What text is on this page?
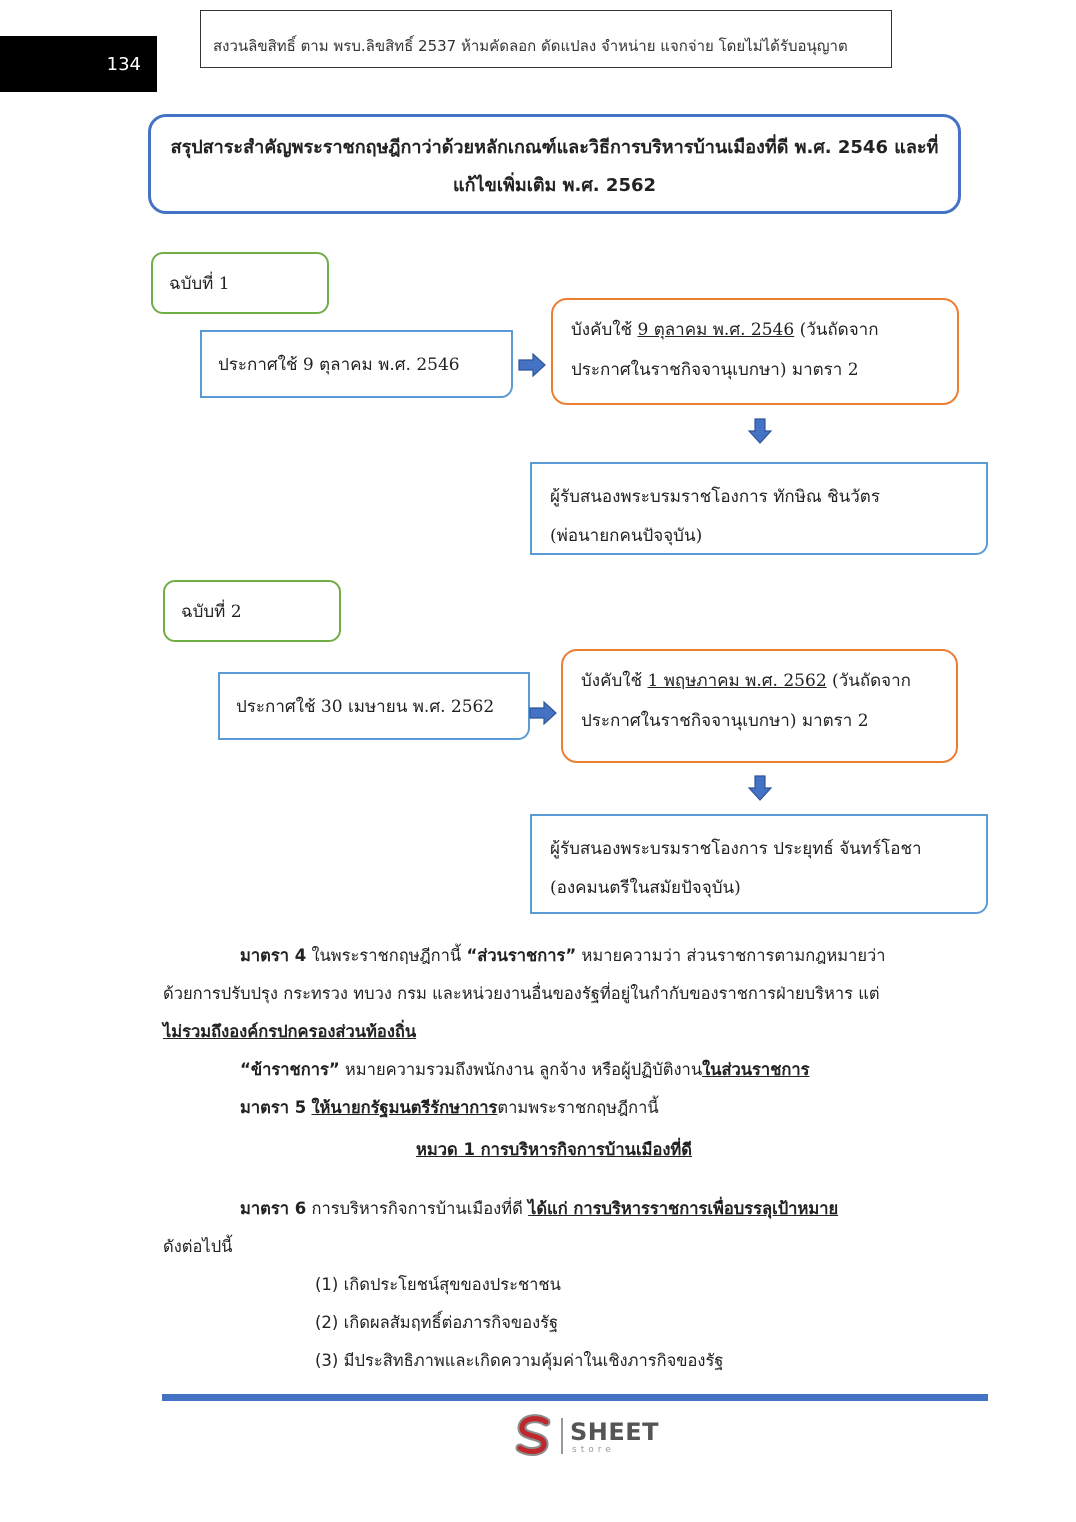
134
สงวนลิขสิทธิ์ ตาม พรบ.ลิขสิทธิ์ 2537 ห้ามคัดลอก ดัดแปลง จำหน่าย แจกจ่าย โดยไม่ได้รับอนุญาต
สรุปสาระสำคัญพระราชกฤษฎีกาว่าด้วยหลักเกณฑ์และวิธีการบริหารบ้านเมืองที่ดี พ.ศ. 2546 และที่
แก้ไขเพิ่มเติม พ.ศ. 2562
ฉบับที่ 1
ประกาศใช้ 9 ตุลาคม พ.ศ. 2546
บังคับใช้ 9 ตุลาคม พ.ศ. 2546 (วันถัดจาก
ประกาศในราชกิจจานุเบกษา) มาตรา 2
ผู้รับสนองพระบรมราชโองการ ทักษิณ ชินวัตร
(พ่อนายกคนปัจจุบัน)
ฉบับที่ 2
ประกาศใช้ 30 เมษายน พ.ศ. 2562
บังคับใช้ 1 พฤษภาคม พ.ศ. 2562 (วันถัดจาก
ประกาศในราชกิจจานุเบกษา) มาตรา 2
ผู้รับสนองพระบรมราชโองการ ประยุทธ์ จันทร์โอชา
(องคมนตรีในสมัยปัจจุบัน)
มาตรา 4 ในพระราชกฤษฎีกานี้ “ส่วนราชการ” หมายความว่า ส่วนราชการตามกฎหมายว่า
ด้วยการปรับปรุง กระทรวง ทบวง กรม และหน่วยงานอื่นของรัฐที่อยู่ในกำกับของราชการฝ่ายบริหาร แต่
ไม่รวมถึงองค์กรปกครองส่วนท้องถิ่น
“ข้าราชการ” หมายความรวมถึงพนักงาน ลูกจ้าง หรือผู้ปฏิบัติงานในส่วนราชการ
มาตรา 5 ให้นายกรัฐมนตรีรักษาการตามพระราชกฤษฎีกานี้
หมวด 1 การบริหารกิจการบ้านเมืองที่ดี
มาตรา 6 การบริหารกิจการบ้านเมืองที่ดี ได้แก่ การบริหารราชการเพื่อบรรลุเป้าหมาย
ดังต่อไปนี้
(1) เกิดประโยชน์สุขของประชาชน
(2) เกิดผลสัมฤทธิ์ต่อภารกิจของรัฐ
(3) มีประสิทธิภาพและเกิดความคุ้มค่าในเชิงภารกิจของรัฐ
SHEET
store
